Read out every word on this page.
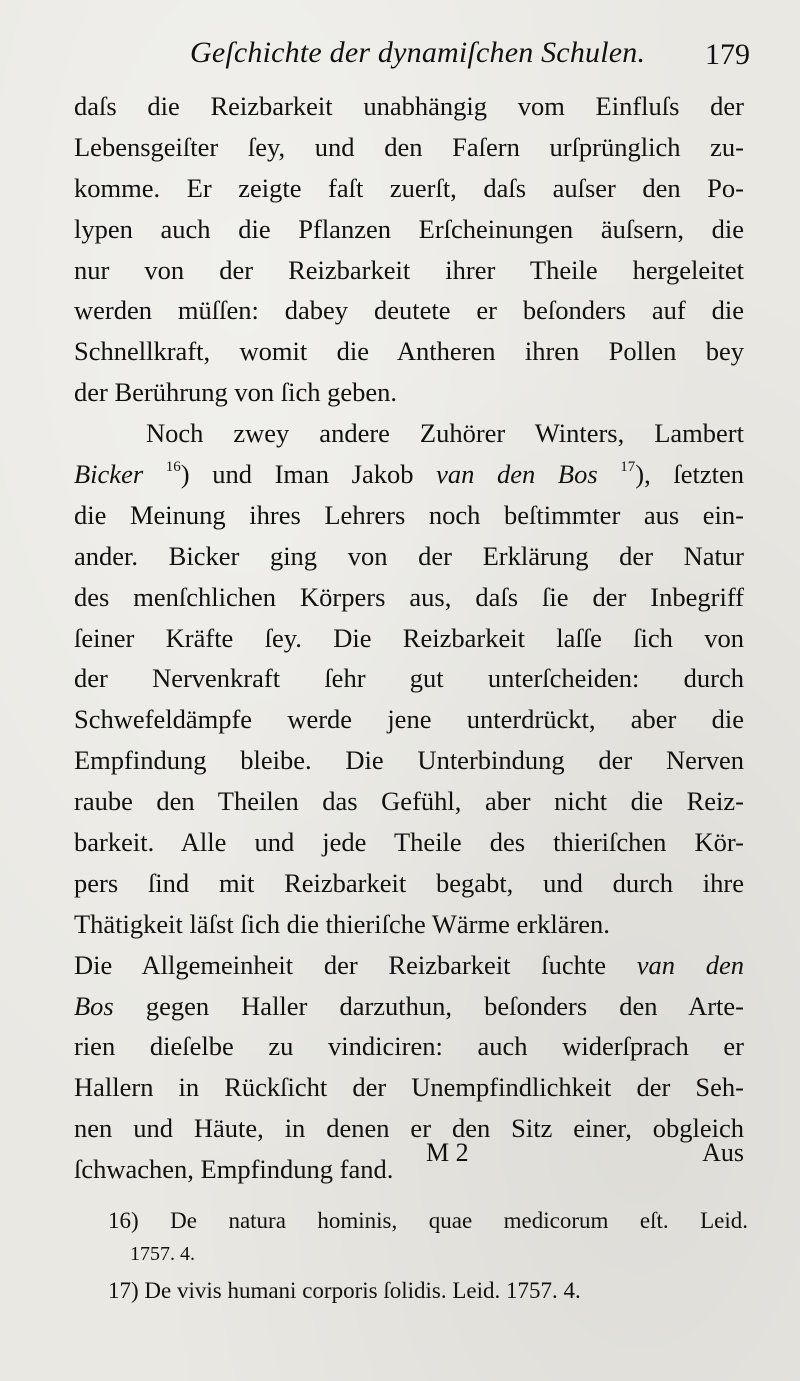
Geſchichte der dynamiſchen Schulen. 179
daſs die Reizbarkeit unabhängig vom Einfluſs der
Lebensgeiſter ſey, und den Faſern urſprünglich zu-
komme. Er zeigte faſt zuerſt, daſs auſser den Po-
lypen auch die Pflanzen Erſcheinungen äuſsern, die
nur von der Reizbarkeit ihrer Theile hergeleitet
werden müſſen: dabey deutete er beſonders auf die
Schnellkraft, womit die Antheren ihren Pollen bey
der Berührung von ſich geben.
Noch zwey andere Zuhörer Winters, Lambert
Bicker $^{16}$) und Iman Jakob van den Bos $^{17}$), ſetzten
die Meinung ihres Lehrers noch beſtimmter aus ein-
ander. Bicker ging von der Erklärung der Natur
des menſchlichen Körpers aus, daſs ſie der Inbegriff
ſeiner Kräfte ſey. Die Reizbarkeit laſſe ſich von
der Nervenkraft ſehr gut unterſcheiden: durch
Schwefeldämpfe werde jene unterdrückt, aber die
Empfindung bleibe. Die Unterbindung der Nerven
raube den Theilen das Gefühl, aber nicht die Reiz-
barkeit. Alle und jede Theile des thieriſchen Kör-
pers ſind mit Reizbarkeit begabt, und durch ihre
Thätigkeit läſst ſich die thieriſche Wärme erklären.
Die Allgemeinheit der Reizbarkeit ſuchte van den
Bos gegen Haller darzuthun, beſonders den Arte-
rien dieſelbe zu vindiciren: auch widerſprach er
Hallern in Rückſicht der Unempfindlichkeit der Seh-
nen und Häute, in denen er den Sitz einer, obgleich
ſchwachen, Empfindung fand.
M 2	Aus
16) De natura hominis, quae medicorum eſt. Leid.
1757. 4.
17) De vivis humani corporis ſolidis. Leid. 1757. 4.
